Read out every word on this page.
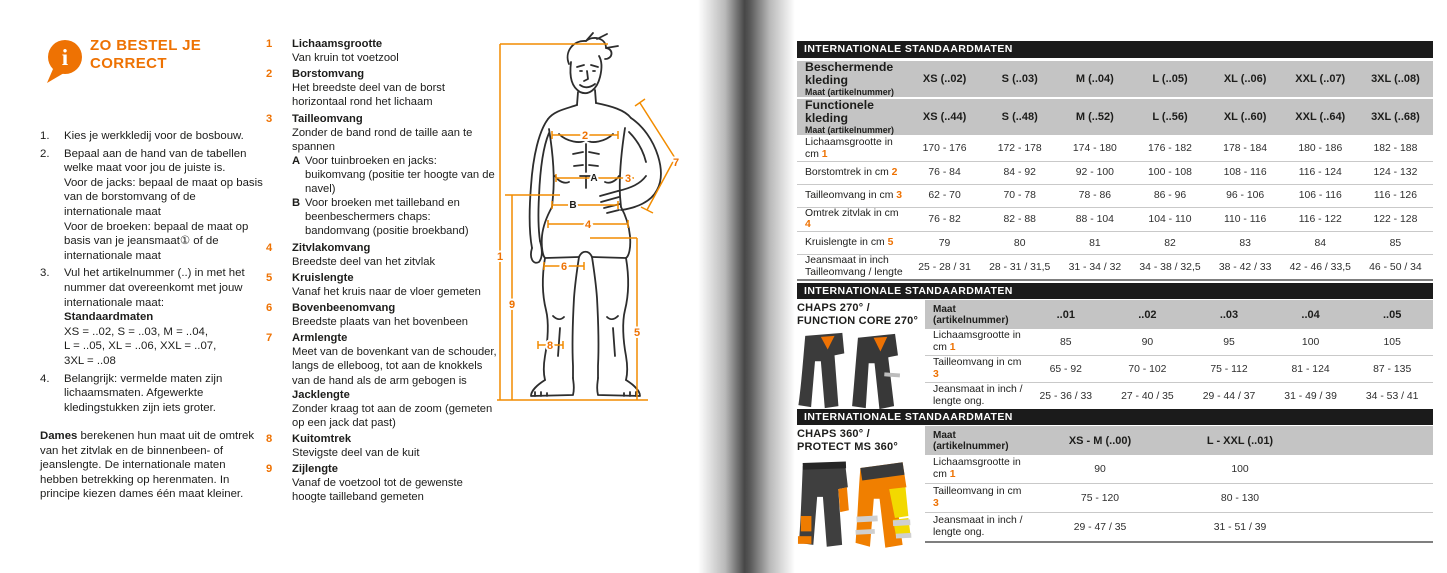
i ZO BESTEL JE CORRECT
1.	Kies je werkkledij voor de bosbouw.
2.	Bepaal aan de hand van de tabellen welke maat voor jou de juiste is.
Voor de jacks: bepaal de maat op basis van de borstomvang of de internationale maat
Voor de broeken: bepaal de maat op basis van je jeansmaat① of de internationale maat
3.	Vul het artikelnummer (..) in met het nummer dat overeenkomt met jouw internationale maat:
Standaardmaten
XS = ..02, S = ..03, M = ..04,
L = ..05, XL = ..06, XXL = ..07,
3XL = ..08
4.	Belangrijk: vermelde maten zijn lichaamsmaten. Afgewerkte kledingstukken zijn iets groter.
Dames berekenen hun maat uit de omtrek van het zitvlak en de binnenbeen- of jeanslengte. De internationale maten hebben betrekking op herenmaten. In principe kiezen dames één maat kleiner.
1	Lichaamsgrootte
Van kruin tot voetzool
2	Borstomvang
Het breedste deel van de borst horizontaal rond het lichaam
3	Tailleomvang
Zonder de band rond de taille aan te spannen
A Voor tuinbroeken en jacks: buikomvang (positie ter hoogte van de navel)
B Voor broeken met tailleband en beenbeschermers chaps: bandomvang (positie broekband)
4	Zitvlakomvang
Breedste deel van het zitvlak
5	Kruislengte
Vanaf het kruis naar de vloer gemeten
6	Bovenbeenomvang
Breedste plaats van het bovenbeen
7	Armlengte
Meet van de bovenkant van de schouder, langs de elleboog, tot aan de knokkels van de hand als de arm gebogen is
Jacklengte
Zonder kraag tot aan de zoom (gemeten op een jack dat past)
8	Kuitomtrek
Stevigste deel van de kuit
9	Zijlengte
Vanaf de voetzool tot de gewenste hoogte tailleband gemeten
1
2
A 3
B
4
5
6
7
8
9
INTERNATIONALE STANDAARDMATEN
Beschermende kleding
Maat (artikelnummer)
XS (..02)	S (..03)	M (..04)	L (..05)	XL (..06)	XXL (..07)	3XL (..08)
Functionele kleding
Maat (artikelnummer)
XS (..44)	S (..48)	M (..52)	L (..56)	XL (..60)	XXL (..64)	3XL (..68)
Lichaamsgrootte in cm 1	170 - 176	172 - 178	174 - 180	176 - 182	178 - 184	180 - 186	182 - 188
Borstomtrek in cm 2	76 - 84	84 - 92	92 - 100	100 - 108	108 - 116	116 - 124	124 - 132
Tailleomvang in cm 3	62 - 70	70 - 78	78 - 86	86 - 96	96 - 106	106 - 116	116 - 126
Omtrek zitvlak in cm 4	76 - 82	82 - 88	88 - 104	104 - 110	110 - 116	116 - 122	122 - 128
Kruislengte in cm 5	79	80	81	82	83	84	85
Jeansmaat in inch
Tailleomvang / lengte	25 - 28 / 31	28 - 31 / 31,5	31 - 34 / 32	34 - 38 / 32,5	38 - 42 / 33	42 - 46 / 33,5	46 - 50 / 34
INTERNATIONALE STANDAARDMATEN
CHAPS 270° /
FUNCTION CORE 270°
Maat (artikelnummer)	..01	..02	..03	..04	..05
Lichaamsgrootte in cm 1	85	90	95	100	105
Tailleomvang in cm 3	65 - 92	70 - 102	75 - 112	81 - 124	87 - 135
Jeansmaat in inch / lengte ong.	25 - 36 / 33	27 - 40 / 35	29 - 44 / 37	31 - 49 / 39	34 - 53 / 41
INTERNATIONALE STANDAARDMATEN
CHAPS 360° /
PROTECT MS 360°
Maat (artikelnummer)	XS - M (..00)	L - XXL (..01)
Lichaamsgrootte in cm 1	90	100
Tailleomvang in cm 3	75 - 120	80 - 130
Jeansmaat in inch / lengte ong.	29 - 47 / 35	31 - 51 / 39
